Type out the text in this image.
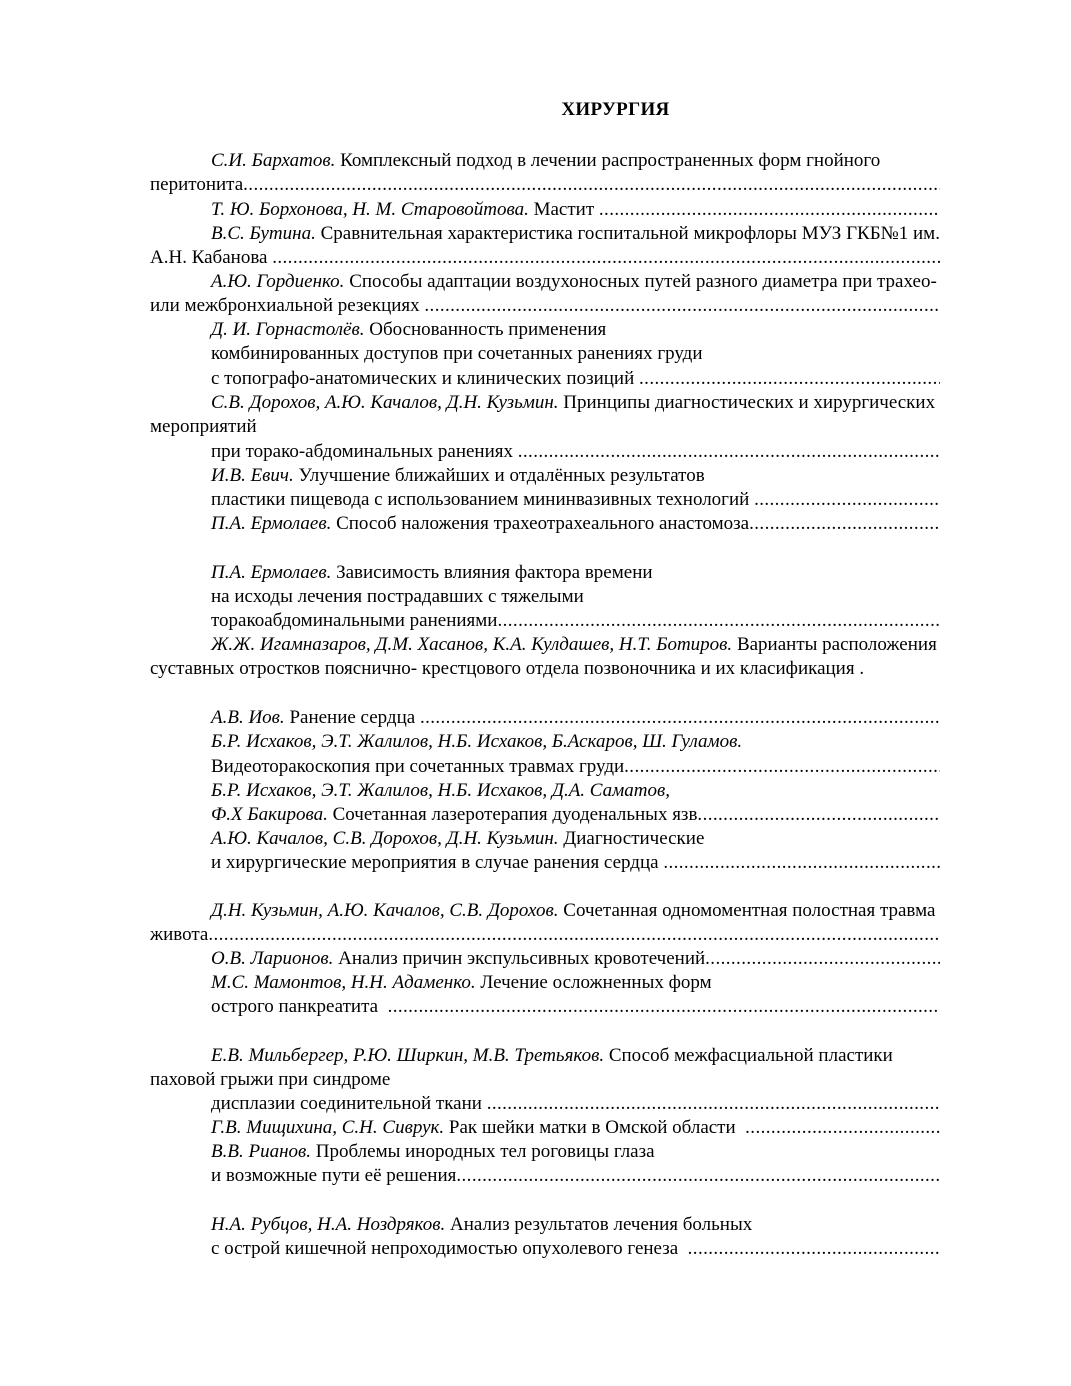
ХИРУРГИЯ
С.И. Бархатов. Комплексный подход в лечении распространенных форм гнойного
перитонита
.....
Т. Ю. Борхонова, Н. М. Старовойтова. Мастит
.....
В.С. Бутина. Сравнительная характеристика госпитальной микрофлоры МУЗ ГКБ№1 им.
А.Н. Кабанова
.....
А.Ю. Гордиенко. Способы адаптации воздухоносных путей разного диаметра при трахео-
или межбронхиальной резекциях
.....
Д. И. Горнастолёв. Обоснованность применения
комбинированных доступов при сочетанных ранениях груди
с топографо-анатомических и клинических позиций
.....
С.В. Дорохов, А.Ю. Качалов, Д.Н. Кузьмин. Принципы диагностических и хирургических
мероприятий
при торако-абдоминальных ранениях
.....
И.В. Евич. Улучшение ближайших и отдалённых результатов
пластики пищевода с использованием мининвазивных технологий
.....
П.А. Ермолаев. Способ наложения трахеотрахеального анастомоза
.....
П.А. Ермолаев. Зависимость влияния фактора времени
на исходы лечения пострадавших с тяжелыми
торакоабдоминальными ранениями
.....
Ж.Ж. Игамназаров, Д.М. Хасанов, К.А. Кулдашев, Н.Т. Ботиров. Варианты расположения
суставных отростков пояснично- крестцового отдела позвоночника и их класификация .
А.В. Иов. Ранение сердца
.....
Б.Р. Исхаков, Э.Т. Жалилов, Н.Б. Исхаков, Б.Аскаров, Ш. Гуламов.
Видеоторакоскопия при сочетанных травмах груди
.....
Б.Р. Исхаков, Э.Т. Жалилов, Н.Б. Исхаков, Д.А. Саматов,
Ф.Х Бакирова. Сочетанная лазеротерапия дуоденальных язв
.....
А.Ю. Качалов, С.В. Дорохов, Д.Н. Кузьмин. Диагностические
и хирургические мероприятия в случае ранения сердца
.....
Д.Н. Кузьмин, А.Ю. Качалов, С.В. Дорохов. Сочетанная одномоментная полостная травма
живота
.....
О.В. Ларионов. Анализ причин экспульсивных кровотечений
.....
М.С. Мамонтов, Н.Н. Адаменко. Лечение осложненных форм
острого панкреатита
.....
Е.В. Мильбергер, Р.Ю. Ширкин, М.В. Третьяков. Способ межфасциальной пластики
паховой грыжи при синдроме
дисплазии соединительной ткани
.....
Г.В. Мищихина, С.Н. Сиврук. Рак шейки матки в Омской области
.....
В.В. Рианов. Проблемы инородных тел роговицы глаза
и возможные пути её решения
.....
Н.А. Рубцов, Н.А. Ноздряков. Анализ результатов лечения больных
с острой кишечной непроходимостью опухолевого генеза
.....
